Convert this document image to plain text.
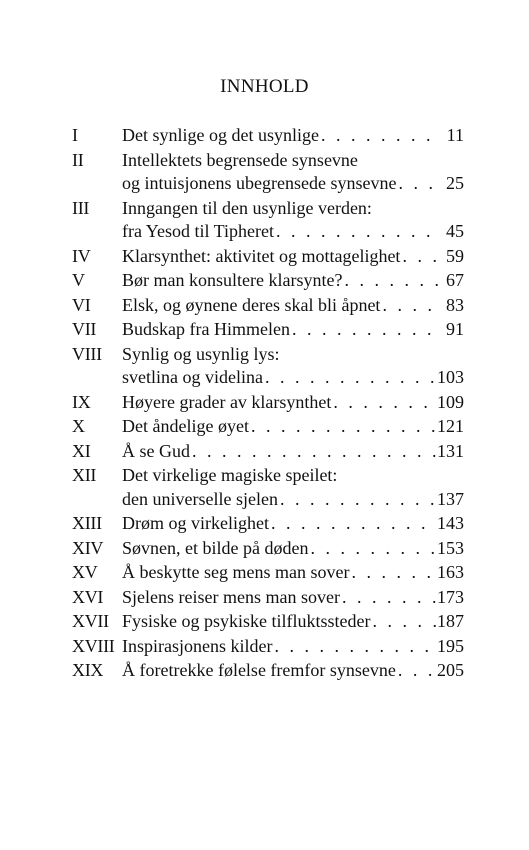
INNHOLD
I	Det synlige og det usynlige . . .	11
II	Intellektets begrensede synsevne
og intuisjonens ubegrensede synsevne . . .	25
III	Inngangen til den usynlige verden:
fra Yesod til Tipheret . . .	45
IV	Klarsynthet: aktivitet og mottagelighet . . .	59
V	Bør man konsultere klarsynte? . . .	67
VI	Elsk, og øynene deres skal bli åpnet . . .	83
VII	Budskap fra Himmelen . . .	91
VIII	Synlig og usynlig lys:
svetlina og videlina . . .	103
IX	Høyere grader av klarsynthet . . .	109
X	Det åndelige øyet . . .	121
XI	Å se Gud . . .	131
XII	Det virkelige magiske speilet:
den universelle sjelen . . .	137
XIII	Drøm og virkelighet . . .	143
XIV	Søvnen, et bilde på døden . . .	153
XV	Å beskytte seg mens man sover . . .	163
XVI	Sjelens reiser mens man sover . . .	173
XVII Fysiske og psykiske tilfluktssteder . . .	187
XVIII Inspirasjonens kilder . . .	195
XIX	Å foretrekke følelse fremfor synsevne . . . 205
